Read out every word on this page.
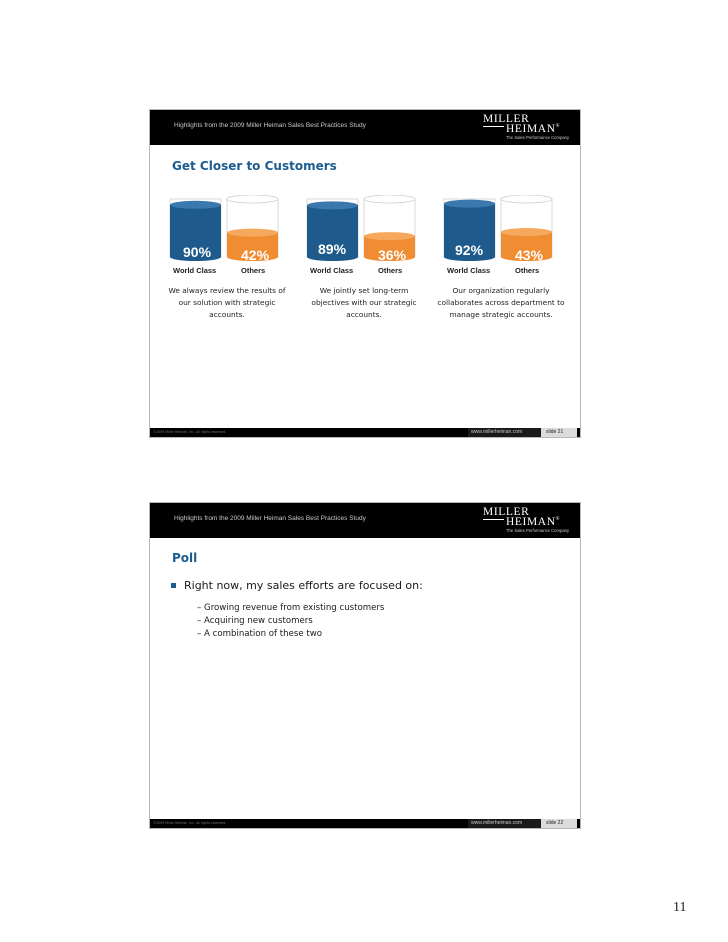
Highlights from the 2009 Miller Heiman Sales Best Practices Study
MILLER
HEIMAN®
The Sales Performance Company
Get Closer to Customers
90% 42%
World Class	Others
We always review the results of our solution with strategic accounts.
89% 36%
World Class	Others
We jointly set long-term objectives with our strategic accounts.
92% 43%
World Class	Others
Our organization regularly collaborates across department to manage strategic accounts.
©2009 Miller Heiman, Inc. All rights reserved.	www.millerheiman.com	slide 21
Highlights from the 2009 Miller Heiman Sales Best Practices Study
MILLER
HEIMAN®
The Sales Performance Company
Poll
Right now, my sales efforts are focused on:
– Growing revenue from existing customers
– Acquiring new customers
– A combination of these two
©2009 Miller Heiman, Inc. All rights reserved.	www.millerheiman.com	slide 22
11
